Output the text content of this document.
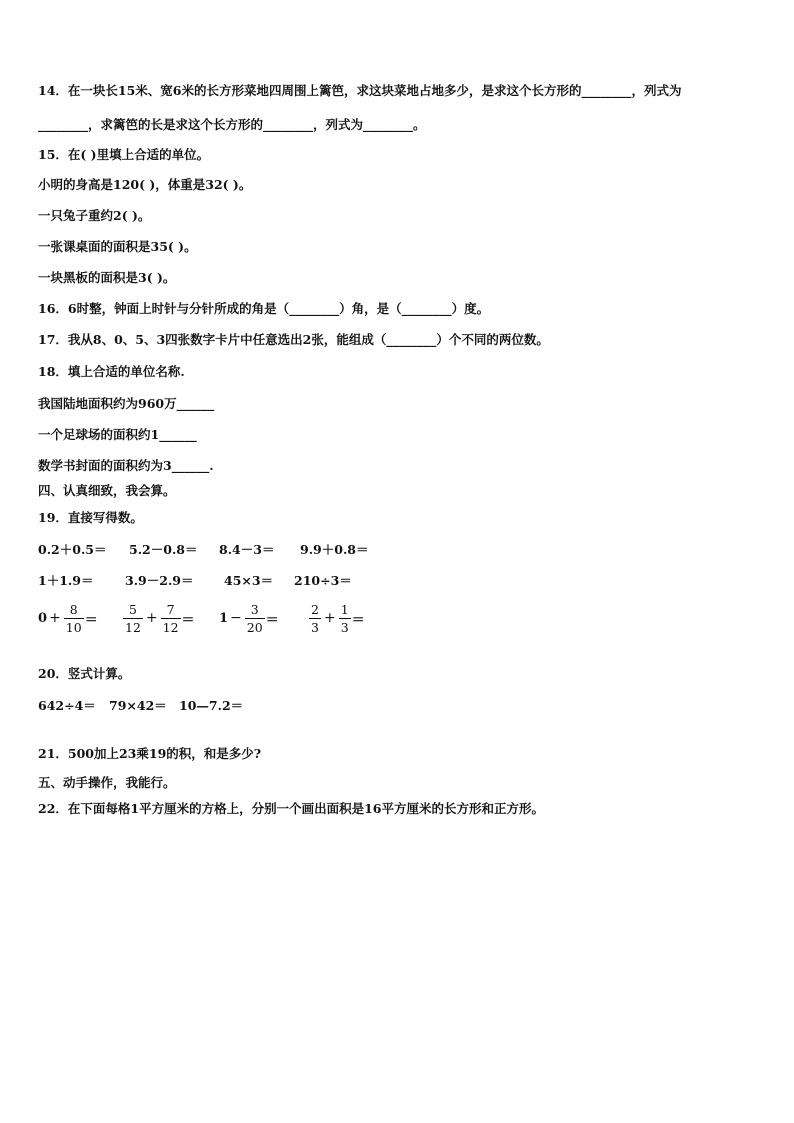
14．在一块长15米、宽6米的长方形菜地四周围上篱笆，求这块菜地占地多少，是求这个长方形的________，列式为
________，求篱笆的长是求这个长方形的________，列式为________。
15．在( )里填上合适的单位。
小明的身高是120( )，体重是32( )。
一只兔子重约2( )。
一张课桌面的面积是35( )。
一块黑板的面积是3( )。
16．6时整，钟面上时针与分针所成的角是（________）角，是（________）度。
17．我从8、0、5、3四张数字卡片中任意选出2张，能组成（________）个不同的两位数。
18．填上合适的单位名称.
我国陆地面积约为960万______
一个足球场的面积约1______
数学书封面的面积约为3______.
四、认真细致，我会算。
19．直接写得数。
0.2＋0.5＝ 5.2－0.8＝ 8.4－3＝ 9.9＋0.8＝
1＋1.9＝	3.9－2.9＝ 45×3＝ 210÷3＝
$0 + \frac{8}{10} = \frac{5}{12} + \frac{7}{12} = 1 - \frac{3}{20} = \frac{2}{3} + \frac{1}{3}$ ＝
20．竖式计算。
642÷4＝ 79×42＝ 10—7.2＝
21．500加上23乘19的积，和是多少?
五、动手操作，我能行。
22．在下面每格1平方厘米的方格上，分别一个画出面积是16平方厘米的长方形和正方形。
